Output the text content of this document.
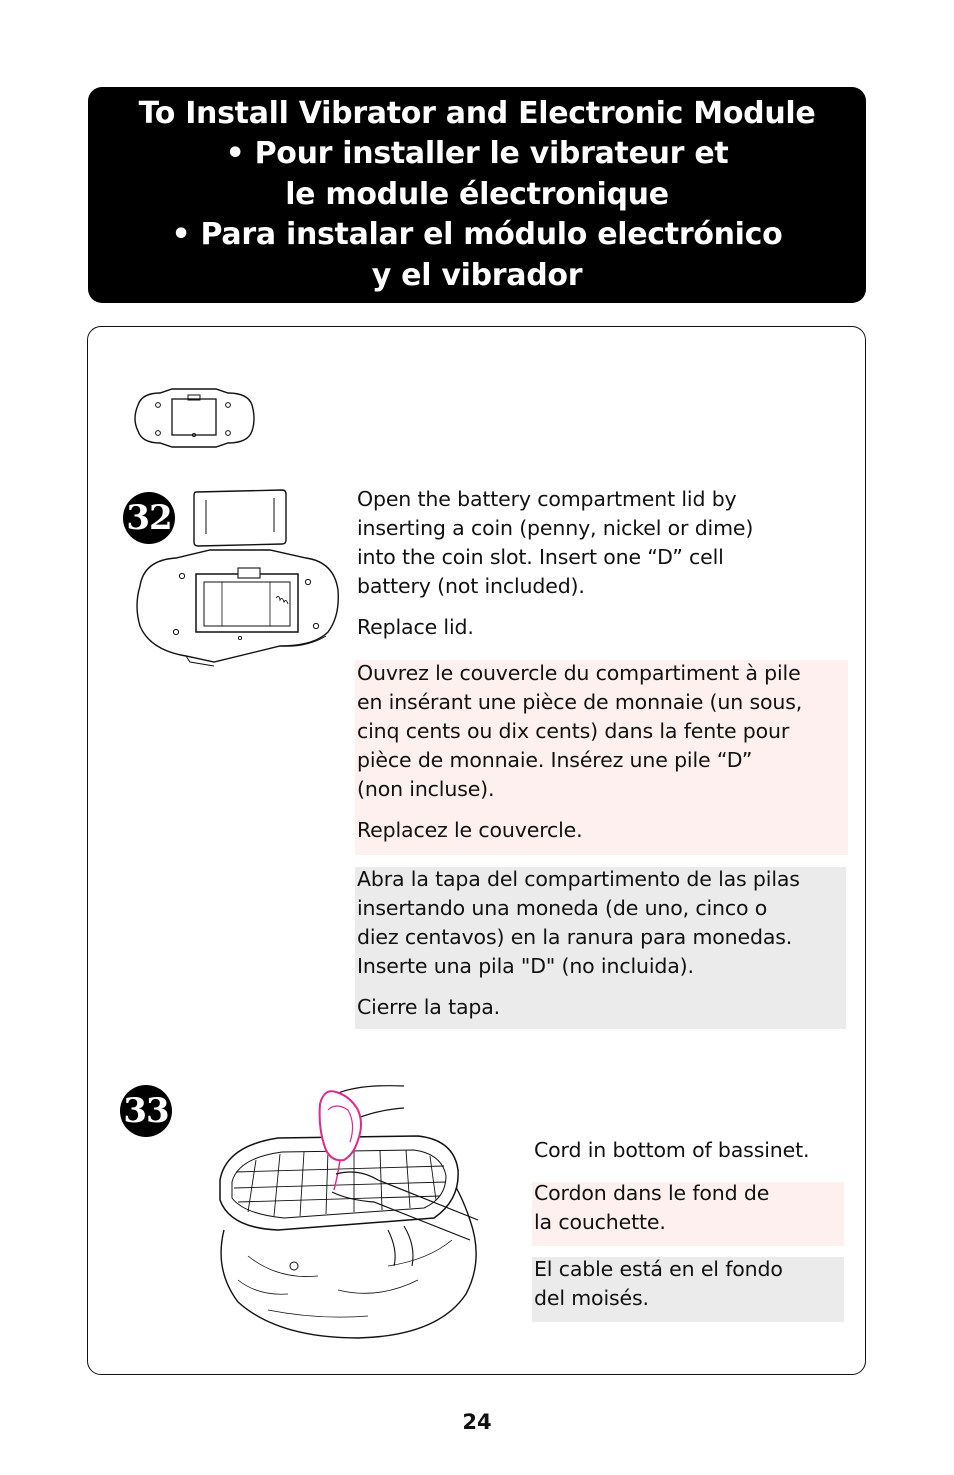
To Install Vibrator and Electronic Module
• Pour installer le vibrateur et
le module électronique
• Para instalar el módulo electrónico
y el vibrador
32	Open the battery compartment lid by

inserting a coin (penny, nickel or dime)

into the coin slot. Insert one “D” cell

battery (not included).

Replace lid.

Ouvrez le couvercle du compartiment à pile

en insérant une pièce de monnaie (un sous,

cinq cents ou dix cents) dans la fente pour

pièce de monnaie. Insérez une pile “D”

(non incluse).

Replacez le couvercle.

Abra la tapa del compartimento de las pilas

insertando una moneda (de uno, cinco o

diez centavos) en la ranura para monedas.

Inserte una pila "D" (no incluida).

Cierre la tapa.

33

Cord in bottom of bassinet.

Cordon dans le fond de

la couchette.

El cable está en el fondo

del moisés.

24
